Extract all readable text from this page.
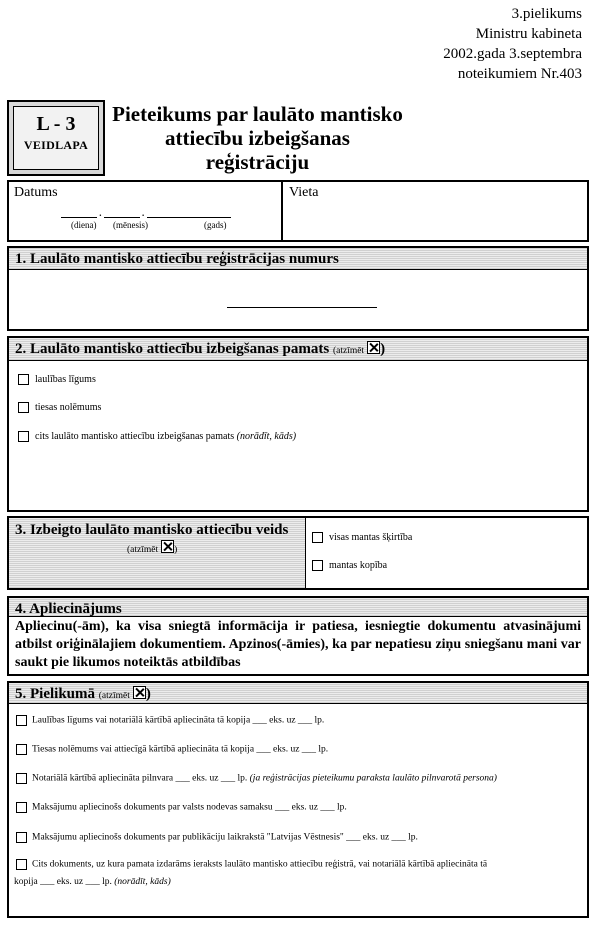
3.pielikums
Ministru kabineta
2002.gada 3.septembra
noteikumiem Nr.403
L - 3
VEIDLAPA
Pieteikums par laulāto mantisko
attiecību izbeigšanas
reģistrāciju
Datums
.	.
(diena) (mēnesis)	(gads)
Vieta
1. Laulāto mantisko attiecību reģistrācijas numurs
2. Laulāto mantisko attiecību izbeigšanas pamats (atzīmēt )
laulības līgums
tiesas nolēmums
cits laulāto mantisko attiecību izbeigšanas pamats (norādīt, kāds)
3. Izbeigto laulāto mantisko attiecību veids
(atzīmēt )
visas mantas šķirtība
mantas kopība
4. Apliecinājums
Apliecinu(-ām), ka visa sniegtā informācija ir patiesa, iesniegtie dokumentu atvasinājumi atbilst oriģinālajiem dokumentiem. Apzinos(-āmies), ka par nepatiesu ziņu sniegšanu mani var saukt pie likumos noteiktās atbildības
5. Pielikumā (atzīmēt )
Laulības līgums vai notariālā kārtībā apliecināta tā kopija ___ eks. uz ___ lp.
Tiesas nolēmums vai attiecīgā kārtībā apliecināta tā kopija ___ eks. uz ___ lp.
Notariālā kārtībā apliecināta pilnvara ___ eks. uz ___ lp. (ja reģistrācijas pieteikumu paraksta laulāto pilnvarotā persona)
Maksājumu apliecinošs dokuments par valsts nodevas samaksu ___ eks. uz ___ lp.
Maksājumu apliecinošs dokuments par publikāciju laikrakstā "Latvijas Vēstnesis" ___ eks. uz ___ lp.
Cits dokuments, uz kura pamata izdarāms ieraksts laulāto mantisko attiecību reģistrā, vai notariālā kārtībā apliecināta tā
kopija ___ eks. uz ___ lp. (norādīt, kāds)
